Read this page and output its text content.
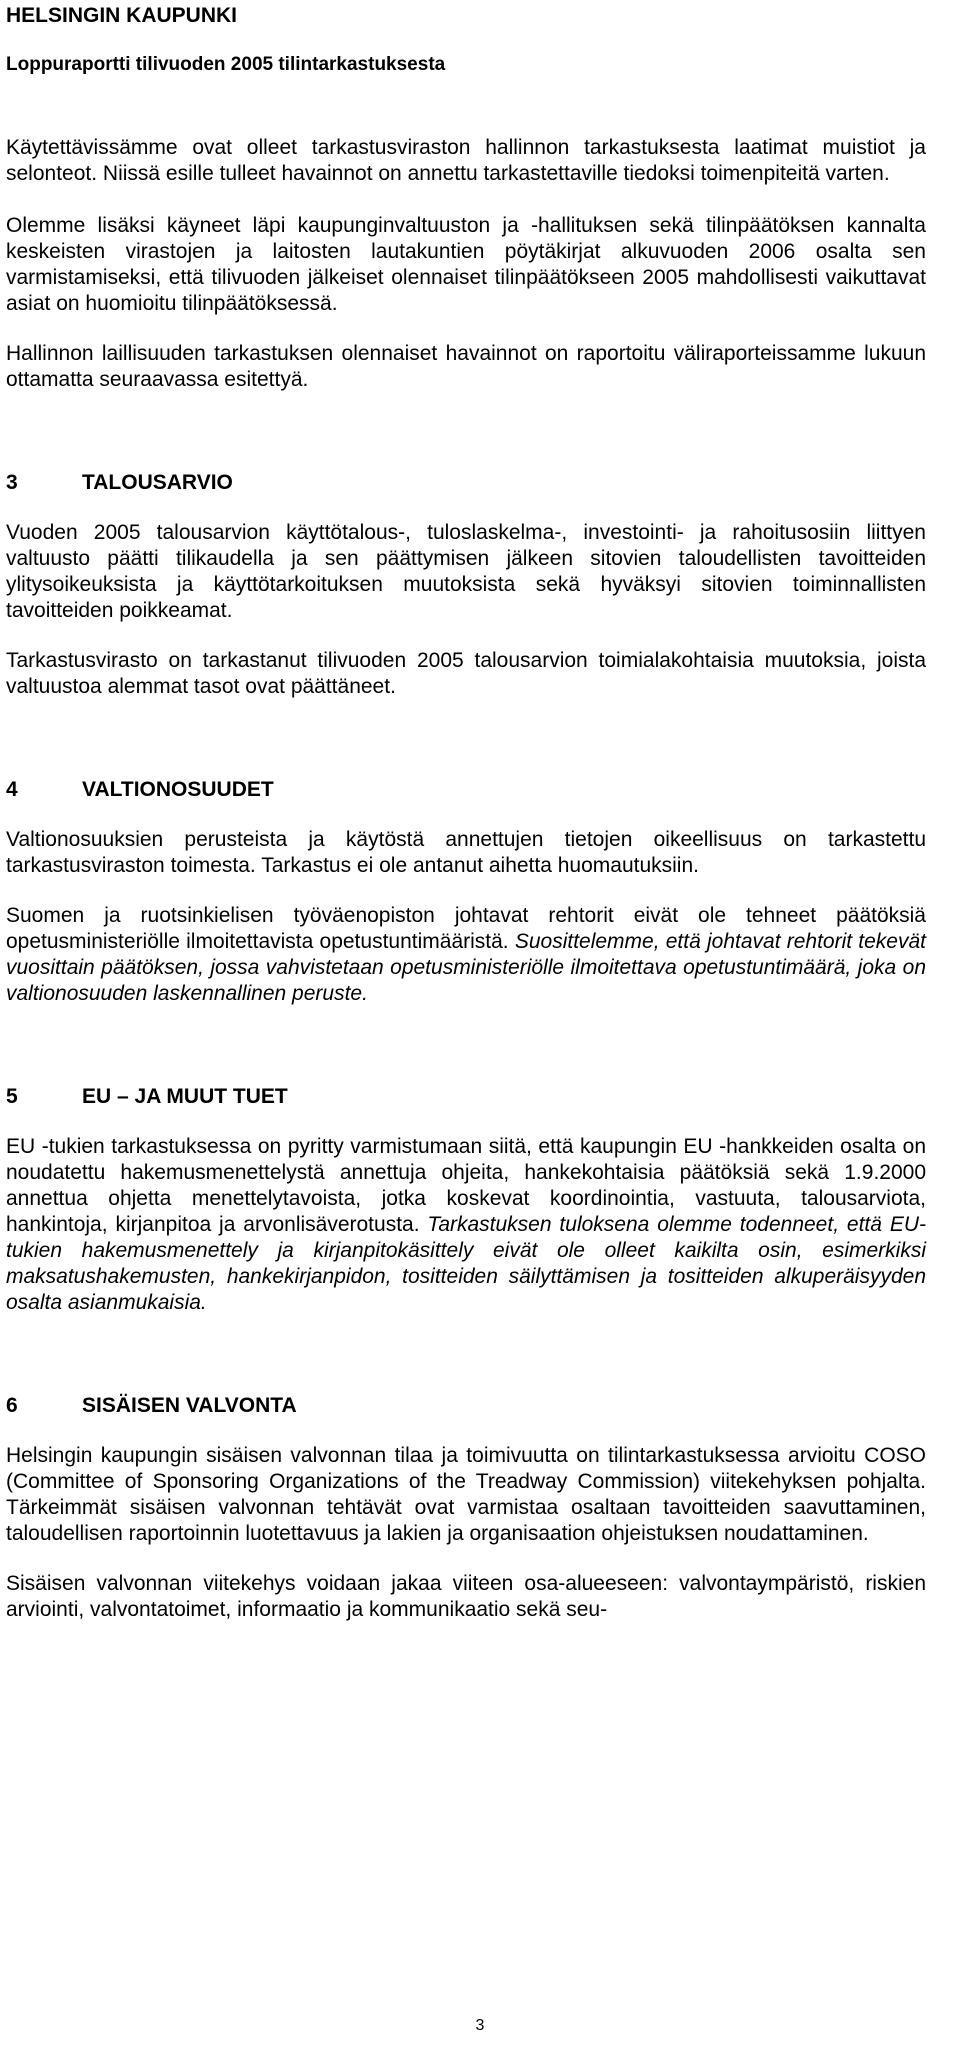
HELSINGIN KAUPUNKI
Loppuraportti tilivuoden 2005 tilintarkastuksesta

Käytettävissämme ovat olleet tarkastusviraston hallinnon tarkastuksesta laatimat muistiot ja selonteot. Niissä esille tulleet havainnot on annettu tarkastettaville tiedoksi toimenpiteitä varten.

Olemme lisäksi käyneet läpi kaupunginvaltuuston ja -hallituksen sekä tilinpäätöksen kannalta keskeisten virastojen ja laitosten lautakuntien pöytäkirjat alkuvuoden 2006 osalta sen varmistamiseksi, että tilivuoden jälkeiset olennaiset tilinpäätökseen 2005 mahdollisesti vaikuttavat asiat on huomioitu tilinpäätöksessä.

Hallinnon laillisuuden tarkastuksen olennaiset havainnot on raportoitu väliraporteissamme lukuun ottamatta seuraavassa esitettyä.

3	TALOUSARVIO

Vuoden 2005 talousarvion käyttötalous-, tuloslaskelma-, investointi- ja rahoitusosiin liittyen valtuusto päätti tilikaudella ja sen päättymisen jälkeen sitovien taloudellisten tavoitteiden ylitysoikeuksista ja käyttötarkoituksen muutoksista sekä hyväksyi sitovien toiminnallisten tavoitteiden poikkeamat.

Tarkastusvirasto on tarkastanut tilivuoden 2005 talousarvion toimialakohtaisia muutoksia, joista valtuustoa alemmat tasot ovat päättäneet.

4	VALTIONOSUUDET

Valtionosuuksien perusteista ja käytöstä annettujen tietojen oikeellisuus on tarkastettu tarkastusviraston toimesta. Tarkastus ei ole antanut aihetta huomautuksiin.

Suomen ja ruotsinkielisen työväenopiston johtavat rehtorit eivät ole tehneet päätöksiä opetusministeriölle ilmoitettavista opetustuntimääristä. Suosittelemme, että johtavat rehtorit tekevät vuosittain päätöksen, jossa vahvistetaan opetusministeriölle ilmoitettava opetustuntimäärä, joka on valtionosuuden laskennallinen peruste.

5	EU – JA MUUT TUET

EU -tukien tarkastuksessa on pyritty varmistumaan siitä, että kaupungin EU -hankkeiden osalta on noudatettu hakemusmenettelystä annettuja ohjeita, hankekohtaisia päätöksiä sekä 1.9.2000 annettua ohjetta menettelytavoista, jotka koskevat koordinointia, vastuuta, talousarviota, hankintoja, kirjanpitoa ja arvonlisäverotusta. Tarkastuksen tuloksena olemme todenneet, että EU-tukien hakemusmenettely ja kirjanpitokäsittely eivät ole olleet kaikilta osin, esimerkiksi maksatushakemusten, hankekirjanpidon, tositteiden säilyttämisen ja tositteiden alkuperäisyyden osalta asianmukaisia.

6	SISÄISEN VALVONTA

Helsingin kaupungin sisäisen valvonnan tilaa ja toimivuutta on tilintarkastuksessa arvioitu COSO (Committee of Sponsoring Organizations of the Treadway Commission) viitekehyksen pohjalta. Tärkeimmät sisäisen valvonnan tehtävät ovat varmistaa osaltaan tavoitteiden saavuttaminen, taloudellisen raportoinnin luotettavuus ja lakien ja organisaation ohjeistuksen noudattaminen.

Sisäisen valvonnan viitekehys voidaan jakaa viiteen osa-alueeseen: valvontaympäristö, riskien arviointi, valvontatoimet, informaatio ja kommunikaatio sekä seu-

3
